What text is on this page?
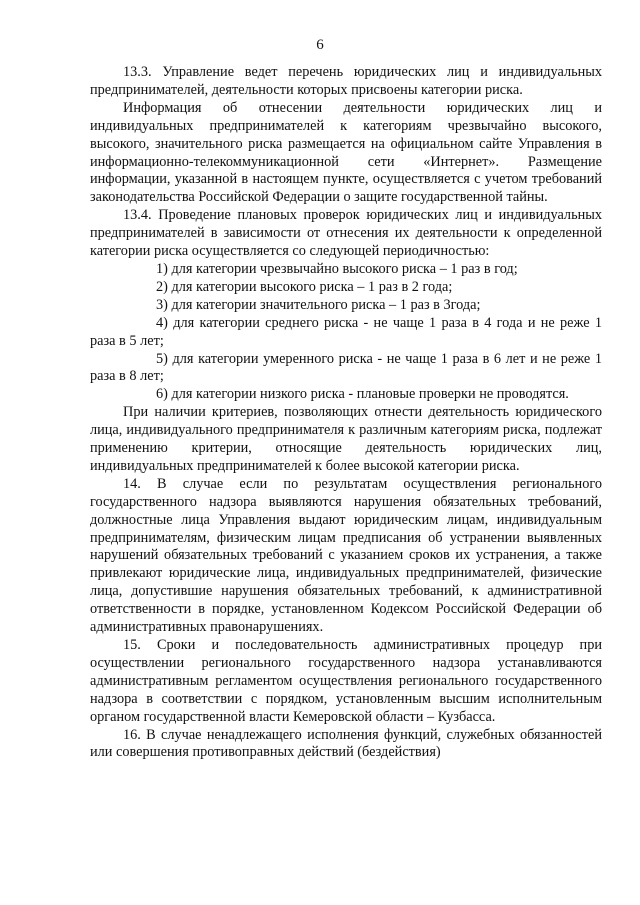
6

13.3. Управление ведет перечень юридических лиц и индивидуальных предпринимателей, деятельности которых присвоены категории риска.

Информация об отнесении деятельности юридических лиц и индивидуальных предпринимателей к категориям чрезвычайно высокого, высокого, значительного риска размещается на официальном сайте Управления в информационно-телекоммуникационной сети «Интернет». Размещение информации, указанной в настоящем пункте, осуществляется с учетом требований законодательства Российской Федерации о защите государственной тайны.

13.4. Проведение плановых проверок юридических лиц и индивидуальных предпринимателей в зависимости от отнесения их деятельности к определенной категории риска осуществляется со следующей периодичностью:

1) для категории чрезвычайно высокого риска – 1 раз в год;

2) для категории высокого риска – 1 раз в 2 года;

3) для категории значительного риска – 1 раз в 3года;

4) для категории среднего риска - не чаще 1 раза в 4 года и не реже 1 раза в 5 лет;

5) для категории умеренного риска - не чаще 1 раза в 6 лет и не реже 1 раза в 8 лет;

6) для категории низкого риска - плановые проверки не проводятся.

При наличии критериев, позволяющих отнести деятельность юридического лица, индивидуального предпринимателя к различным категориям риска, подлежат применению критерии, относящие деятельность юридических лиц, индивидуальных предпринимателей к более высокой категории риска.

14. В случае если по результатам осуществления регионального государственного надзора выявляются нарушения обязательных требований, должностные лица Управления выдают юридическим лицам, индивидуальным предпринимателям, физическим лицам предписания об устранении выявленных нарушений обязательных требований с указанием сроков их устранения, а также привлекают юридические лица, индивидуальных предпринимателей, физические лица, допустившие нарушения обязательных требований, к административной ответственности в порядке, установленном Кодексом Российской Федерации об административных правонарушениях.

15. Сроки и последовательность административных процедур при осуществлении регионального государственного надзора устанавливаются административным регламентом осуществления регионального государственного надзора в соответствии с порядком, установленным высшим исполнительным органом государственной власти Кемеровской области – Кузбасса.

16. В случае ненадлежащего исполнения функций, служебных обязанностей или совершения противоправных действий (бездействия)
